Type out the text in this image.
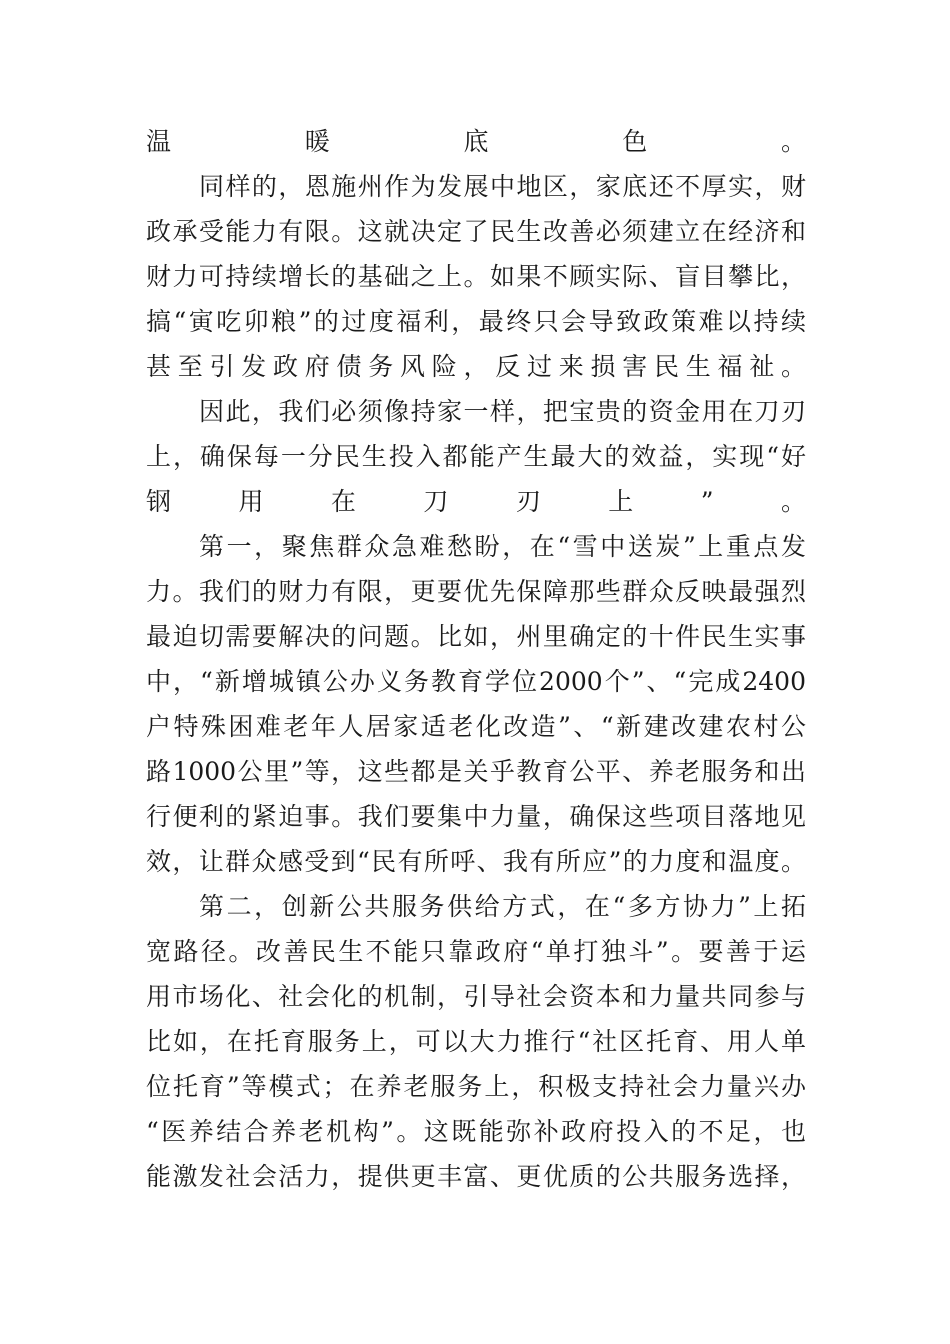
温暖底色。
同样的，恩施州作为发展中地区，家底还不厚实，财
政承受能力有限。这就决定了民生改善必须建立在经济和
财力可持续增长的基础之上。如果不顾实际、盲目攀比，
搞“寅吃卯粮”的过度福利，最终只会导致政策难以持续
甚至引发政府债务风险，反过来损害民生福祉。
因此，我们必须像持家一样，把宝贵的资金用在刀刃
上，确保每一分民生投入都能产生最大的效益，实现“好
钢用在刀刃上”。
第一，聚焦群众急难愁盼，在“雪中送炭”上重点发
力。我们的财力有限，更要优先保障那些群众反映最强烈
最迫切需要解决的问题。比如，州里确定的十件民生实事
中，“新增城镇公办义务教育学位2000个”、“完成2400
户特殊困难老年人居家适老化改造”、“新建改建农村公
路1000公里”等，这些都是关乎教育公平、养老服务和出
行便利的紧迫事。我们要集中力量，确保这些项目落地见
效，让群众感受到“民有所呼、我有所应”的力度和温度。
第二，创新公共服务供给方式，在“多方协力”上拓
宽路径。改善民生不能只靠政府“单打独斗”。要善于运
用市场化、社会化的机制，引导社会资本和力量共同参与
比如，在托育服务上，可以大力推行“社区托育、用人单
位托育”等模式；在养老服务上，积极支持社会力量兴办
“医养结合养老机构”。这既能弥补政府投入的不足，也
能激发社会活力，提供更丰富、更优质的公共服务选择，
